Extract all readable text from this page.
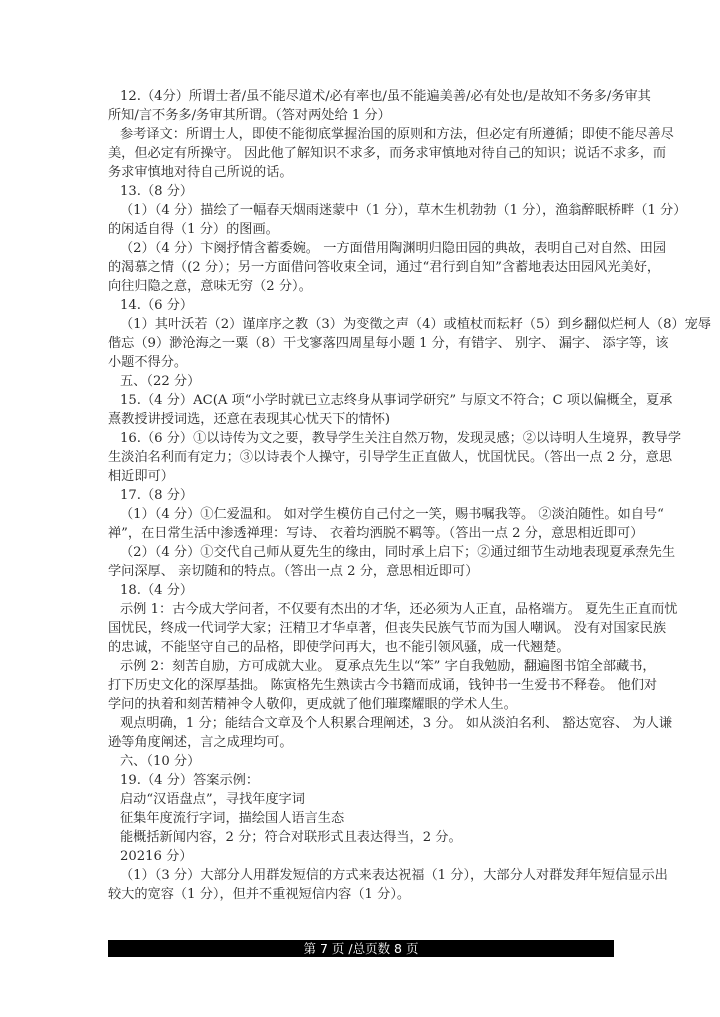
12.（4分）所谓士者/虽不能尽道术/必有率也/虽不能遍美善/必有处也/是故知不务多/务审其
所知/言不务多/务审其所谓。（答对两处给 1 分）
参考译文：所谓士人，即使不能彻底掌握治国的原则和方法，但必定有所遵循；即使不能尽善尽
美，但必定有所操守。 因此他了解知识不求多，而务求审慎地对待自己的知识；说话不求多，而
务求审慎地对待自己所说的话。
13.（8 分）
（1）（4 分）描绘了一幅春天烟雨迷蒙中（1 分），草木生机勃勃（1 分），渔翁醉眠桥畔（1 分）
的闲适自得（1 分）的图画。
（2）（4 分）卞阕抒情含蓄委婉。 一方面借用陶渊明归隐田园的典故，表明自己对自然、田园
的渴慕之情（(2 分）；另一方面借问答收束全词，通过“君行到自知”含蓄地表达田园风光美好，
向往归隐之意，意味无穷（2 分）。
14.（6 分）
（1）其叶沃若（2）谨庠序之教（3）为变徵之声（4）或植杖而耘耔（5）到乡翻似烂柯人（8）宠辱
偕忘（9）渺沧海之一粟（8）干戈寥落四周星每小题 1 分，有错字、 别字、 漏字、 添字等，该
小题不得分。
五、（22 分）
15.（4 分）AC(A 项“小学时就已立志终身从事词学研究” 与原文不符合；C 项以偏概全，夏承
熹教授讲授词选，还意在表现其心忧天下的情怀)
16.（6 分）①以诗传为文之要，教导学生关注自然万物，发现灵感；②以诗明人生境界，教导学
生淡泊名利而有定力；③以诗表个人操守，引导学生正直做人，忧国忧民。（答出一点 2 分，意思
相近即可）
17.（8 分）
（1）（4 分）①仁爱温和。 如对学生模仿自己付之一笑，赐书嘱我等。 ②淡泊随性。如自号“
禅”，在日常生活中渗透禅理：写诗、 衣着均洒脱不羁等。（答出一点 2 分，意思相近即可）
（2）（4 分）①交代自己师从夏先生的缘由，同时承上启下；②通过细节生动地表现夏承焘先生
学问深厚、 亲切随和的特点。（答出一点 2 分，意思相近即可）
18.（4 分）
示例 1：古今成大学问者，不仅要有杰出的才华，还必须为人正直，品格端方。 夏先生正直而忧
国忧民，终成一代词学大家；汪精卫才华卓著，但丧失民族气节而为国人嘲讽。 没有对国家民族
的忠诚，不能坚守自己的品格，即使学问再大，也不能引领风骚，成一代翘楚。
示例 2：刻苦自励，方可成就大业。 夏承点先生以“笨” 字自我勉励，翻遍图书馆全部藏书，
打下历史文化的深厚基拙。 陈寅格先生熟读古今书籍而成诵，钱钟书一生爱书不释卷。 他们对
学问的执着和刻苦精神令人敬仰，更成就了他们璀璨耀眼的学术人生。
观点明确，1 分；能结合文章及个人积累合理阐述，3 分。 如从淡泊名利、 豁达宽容、 为人谦
逊等角度阐述，言之成理均可。
六、（10 分）
19.（4 分）答案示例：
启动“汉语盘点”，寻找年度字词
征集年度流行字词，描绘国人语言生态
能概括新闻内容，2 分；符合对联形式且表达得当，2 分。
20216 分）
（1）（3 分）大部分人用群发短信的方式来表达祝福（1 分），大部分人对群发拜年短信显示出
较大的宽容（1 分），但并不重视短信内容（1 分）。
第 7 页 /总页数 8 页
